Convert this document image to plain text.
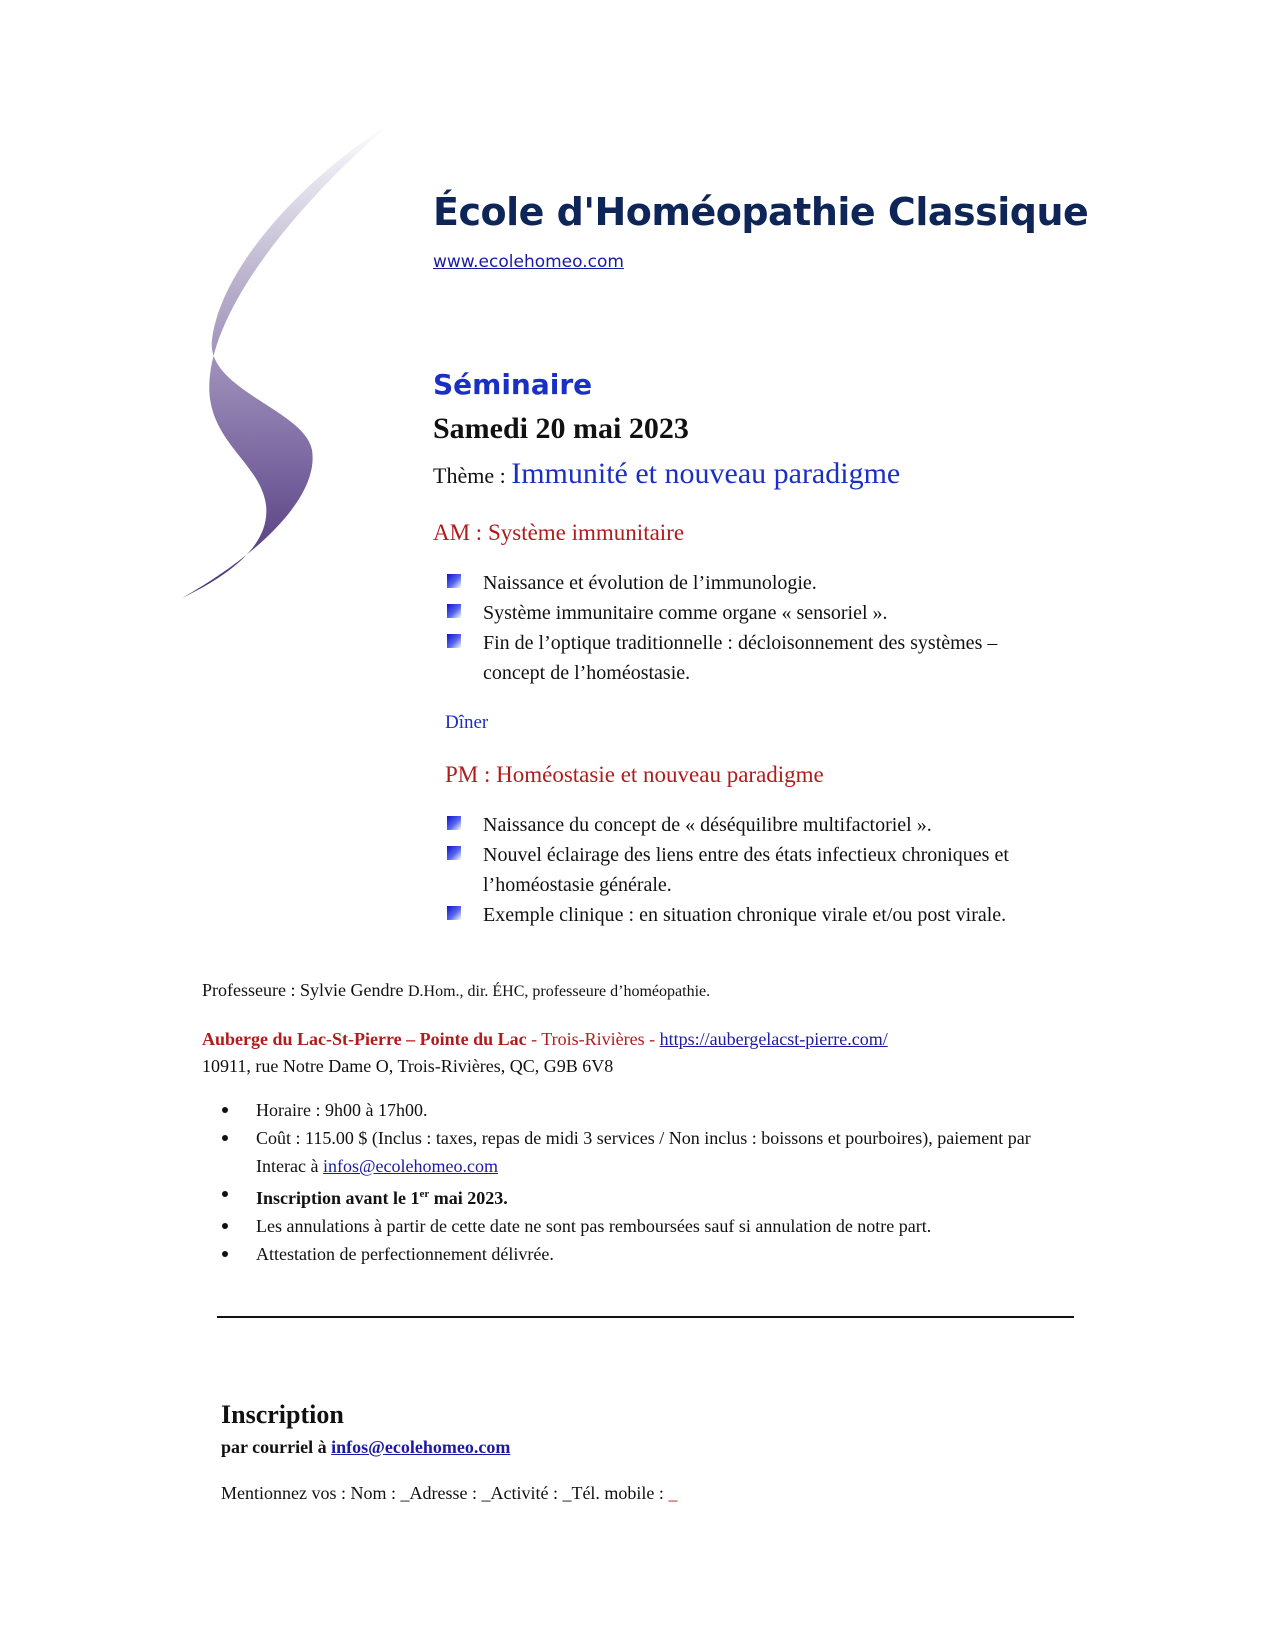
École d'Homéopathie Classique
www.ecolehomeo.com
Séminaire
Samedi 20 mai 2023
Thème : Immunité et nouveau paradigme
AM : Système immunitaire
Naissance et évolution de l’immunologie.
Système immunitaire comme organe « sensoriel ».
Fin de l’optique traditionnelle : décloisonnement des systèmes – concept de l’homéostasie.
Dîner
PM : Homéostasie et nouveau paradigme
Naissance du concept de « déséquilibre multifactoriel ».
Nouvel éclairage des liens entre des états infectieux chroniques et l’homéostasie générale.
Exemple clinique : en situation chronique virale et/ou post virale.
Professeure : Sylvie Gendre D.Hom., dir. ÉHC, professeure d’homéopathie.
Auberge du Lac-St-Pierre – Pointe du Lac - Trois-Rivières - https://aubergelacst-pierre.com/
10911, rue Notre Dame O, Trois-Rivières, QC, G9B 6V8
Horaire : 9h00 à 17h00.
Coût : 115.00 $ (Inclus : taxes, repas de midi 3 services / Non inclus : boissons et pourboires), paiement par Interac à infos@ecolehomeo.com
Inscription avant le 1er mai 2023.
Les annulations à partir de cette date ne sont pas remboursées sauf si annulation de notre part.
Attestation de perfectionnement délivrée.
Inscription
par courriel à infos@ecolehomeo.com
Mentionnez vos : Nom : _Adresse : _Activité : _Tél. mobile : _
